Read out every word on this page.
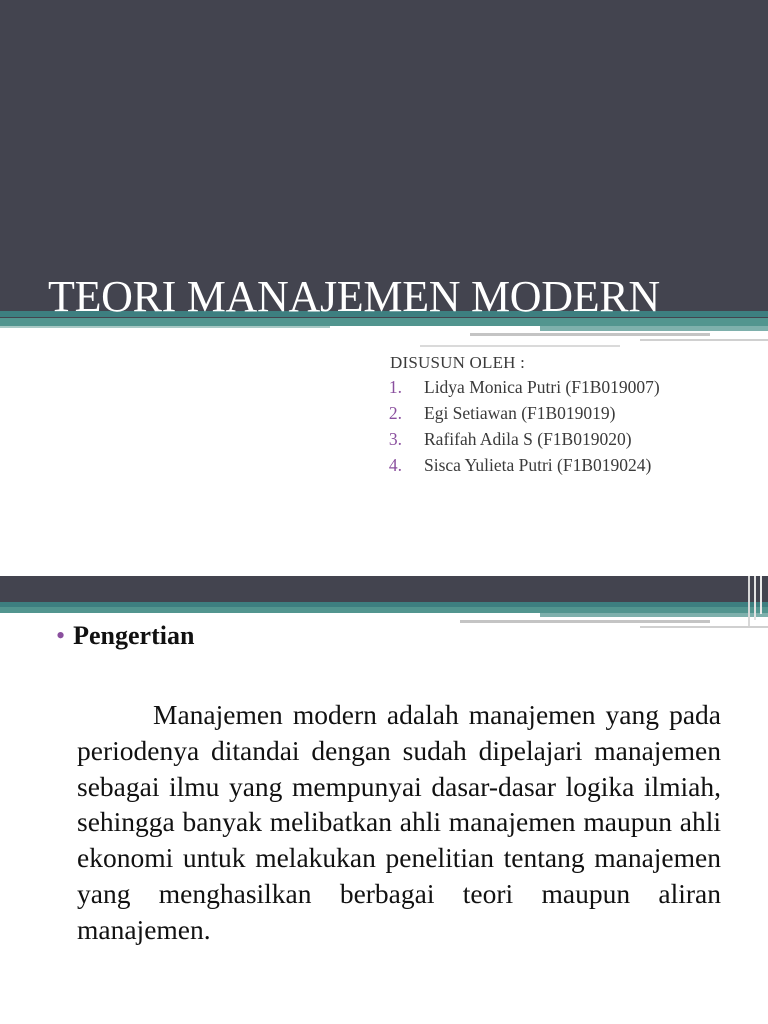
TEORI MANAJEMEN MODERN
DISUSUN OLEH :
1. Lidya Monica Putri (F1B019007)
2. Egi Setiawan (F1B019019)
3. Rafifah Adila S (F1B019020)
4. Sisca Yulieta Putri (F1B019024)
• Pengertian

Manajemen modern adalah manajemen yang pada periodenya ditandai dengan sudah dipelajari manajemen sebagai ilmu yang mempunyai dasar-dasar logika ilmiah, sehingga banyak melibatkan ahli manajemen maupun ahli ekonomi untuk melakukan penelitian tentang manajemen yang menghasilkan berbagai teori maupun aliran manajemen.
